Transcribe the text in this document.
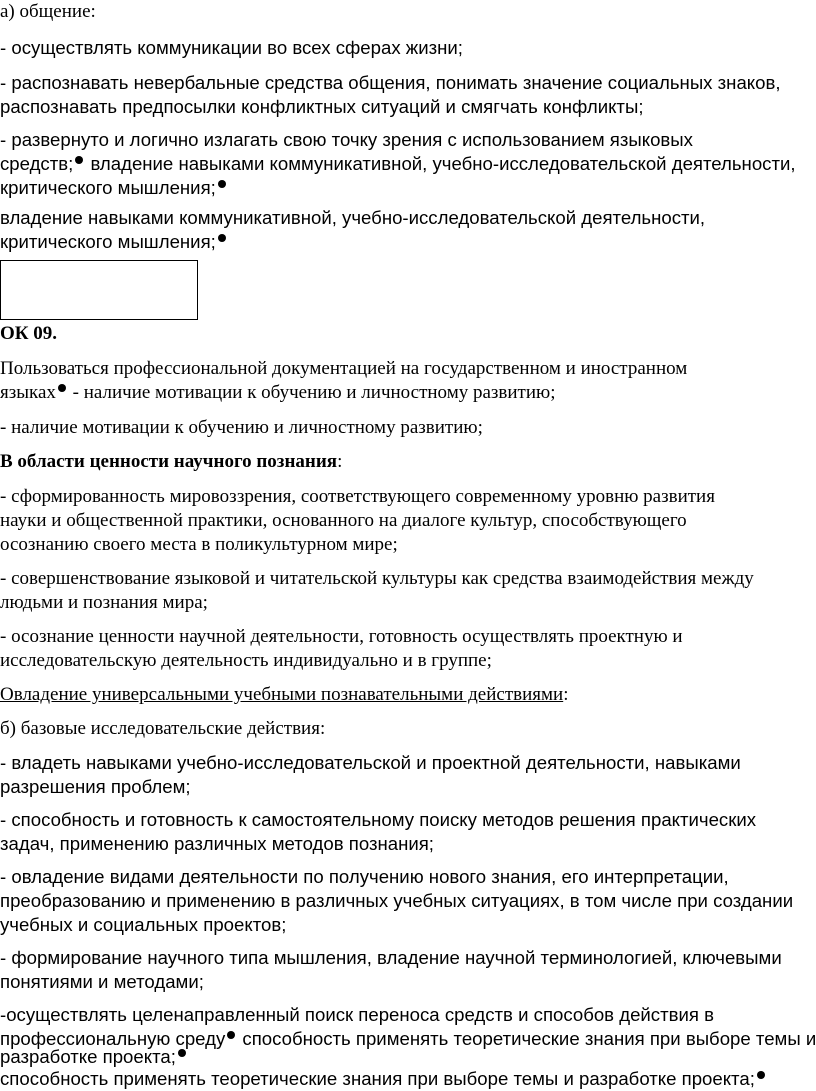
а) общение:

- осуществлять коммуникации во всех сферах жизни;

- распознавать невербальные средства общения, понимать значение социальных знаков,

распознавать предпосылки конфликтных ситуаций и смягчать конфликты;

- развернуто и логично излагать свою точку зрения с использованием языковых

средств; владение навыками коммуникативной, учебно-исследовательской деятельности,

критического мышления;

владение навыками коммуникативной, учебно-исследовательской деятельности,

критического мышления;

ОК 09.

Пользоваться профессиональной документацией на государственном и иностранном

языках - наличие мотивации к обучению и личностному развитию;

- наличие мотивации к обучению и личностному развитию;

В области ценности научного познания:

- сформированность мировоззрения, соответствующего современному уровню развития

науки и общественной практики, основанного на диалоге культур, способствующего

осознанию своего места в поликультурном мире;

- совершенствование языковой и читательской культуры как средства взаимодействия между

людьми и познания мира;

- осознание ценности научной деятельности, готовность осуществлять проектную и

исследовательскую деятельность индивидуально и в группе;

Овладение универсальными учебными познавательными действиями:

б) базовые исследовательские действия:

- владеть навыками учебно-исследовательской и проектной деятельности, навыками

разрешения проблем;

- способность и готовность к самостоятельному поиску методов решения практических

задач, применению различных методов познания;

- овладение видами деятельности по получению нового знания, его интерпретации,

преобразованию и применению в различных учебных ситуациях, в том числе при создании

учебных и социальных проектов;

- формирование научного типа мышления, владение научной терминологией, ключевыми

понятиями и методами;

-осуществлять целенаправленный поиск переноса средств и способов действия в

профессиональную среду способность применять теоретические знания при выборе темы и

разработке проекта;

способность применять теоретические знания при выборе темы и разработке проекта;
